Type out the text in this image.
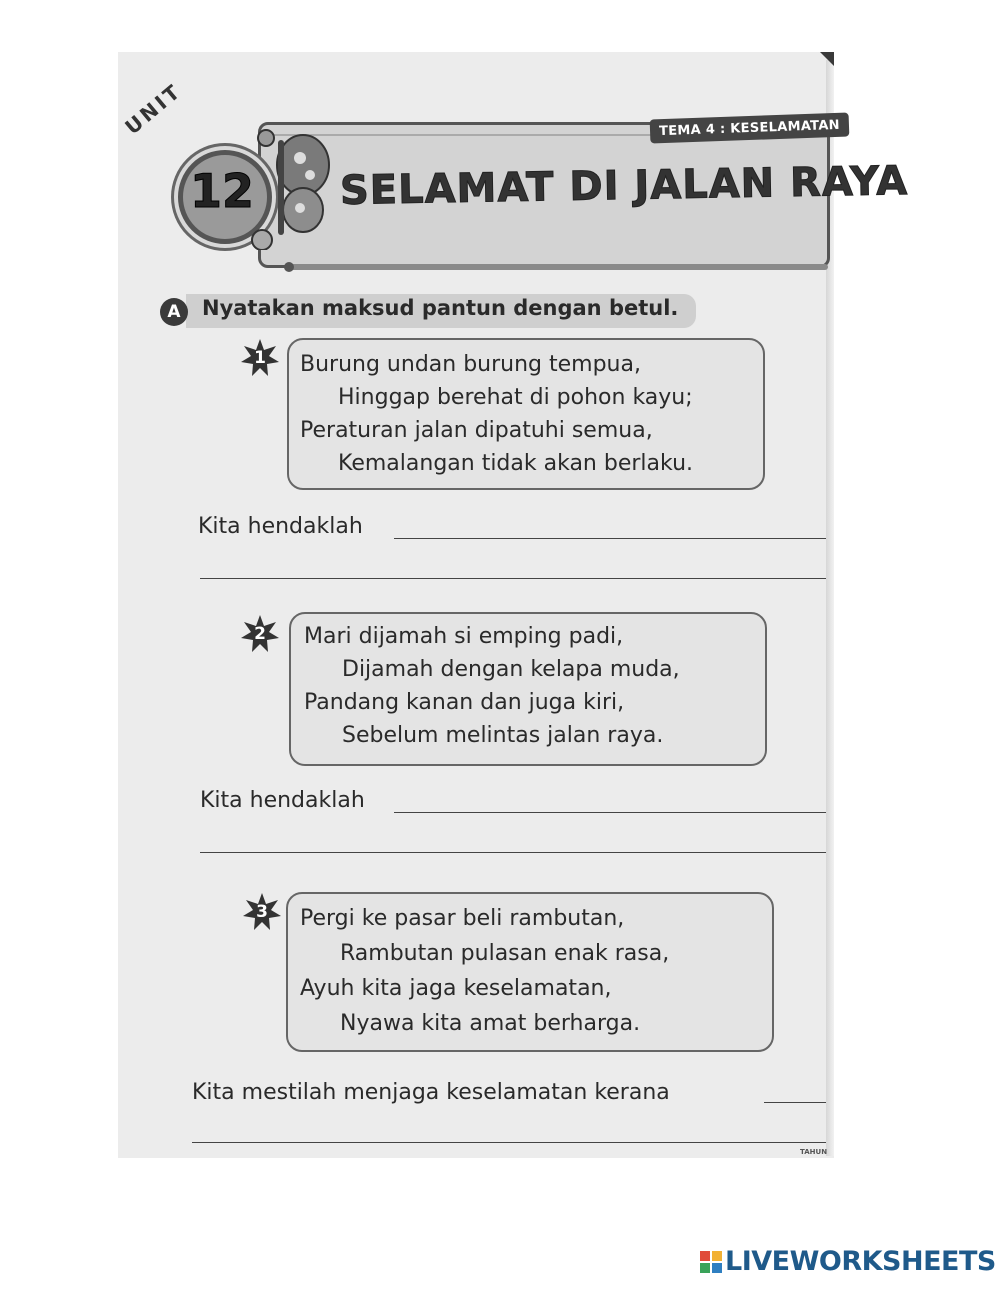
TEMA 4 : KESELAMATAN
SELAMAT DI JALAN RAYA
UNIT
12
A	Nyatakan maksud pantun dengan betul.
1	Burung undan burung tempua,
Hinggap berehat di pohon kayu;
Peraturan jalan dipatuhi semua,
Kemalangan tidak akan berlaku.
Kita hendaklah
2	Mari dijamah si emping padi,
Dijamah dengan kelapa muda,
Pandang kanan dan juga kiri,
Sebelum melintas jalan raya.
Kita hendaklah
3	Pergi ke pasar beli rambutan,
Rambutan pulasan enak rasa,
Ayuh kita jaga keselamatan,
Nyawa kita amat berharga.
Kita mestilah menjaga keselamatan kerana
TAHUN
LIVEWORKSHEETS
